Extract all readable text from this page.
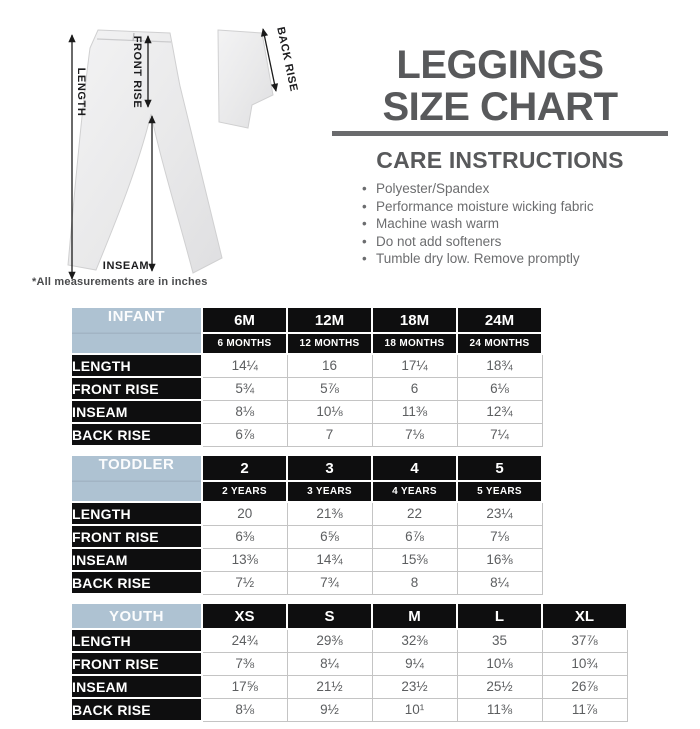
LENGTH	FRONT RISE
INSEAM
BACK RISE
*All measurements are in inches
LEGGINGS
SIZE CHART
CARE INSTRUCTIONS
• Polyester/Spandex
• Performance moisture wicking fabric
• Machine wash warm
• Do not add softeners
• Tumble dry low. Remove promptly
INFANT	6M	12M	18M	24M
	6 MONTHS	12 MONTHS	18 MONTHS	24 MONTHS
LENGTH	14¼	16	17¼	18¾
FRONT RISE	5¾	5⅞	6	6⅛
INSEAM	8⅛	10⅛	11⅜	12¾
BACK RISE	6⅞	7	7⅛	7¼
TODDLER	2	3	4	5
	2 YEARS	3 YEARS	4 YEARS	5 YEARS
LENGTH	20	21⅜	22	23¼
FRONT RISE	6⅜	6⅝	6⅞	7⅛
INSEAM	13⅜	14¾	15⅜	16⅜
BACK RISE	7½	7¾	8	8¼
YOUTH	XS	S	M	L	XL
LENGTH	24¾	29⅜	32⅜	35	37⅞
FRONT RISE	7⅜	8¼	9¼	10⅛	10¾
INSEAM	17⅝	21½	23½	25½	26⅞
BACK RISE	8⅛	9½	10¹	11⅜	11⅞
